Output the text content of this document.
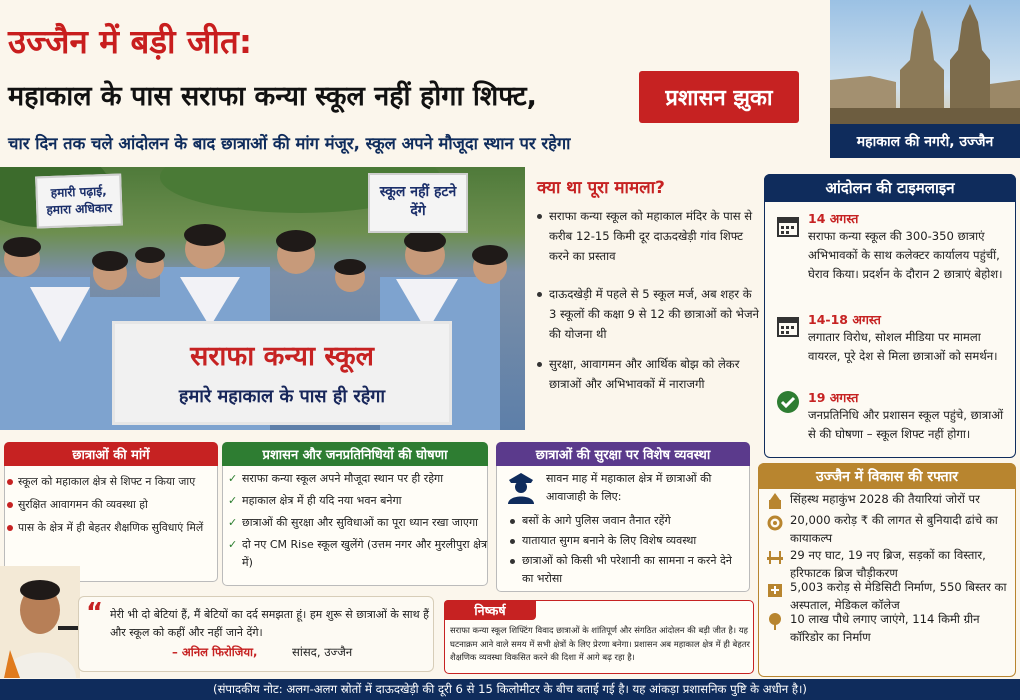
उज्जैन में बड़ी जीत:
महाकाल के पास सराफा कन्या स्कूल नहीं होगा शिफ्ट,	प्रशासन झुका
चार दिन तक चले आंदोलन के बाद छात्राओं की मांग मंजूर, स्कूल अपने मौजूदा स्थान पर रहेगा	महाकाल की नगरी, उज्जैन
हमारी पढ़ाई, हमारा अधिकार
स्कूल नहीं हटने देंगे
सराफा कन्या स्कूल
हमारे महाकाल के पास ही रहेगा
क्या था पूरा मामला?
सराफा कन्या स्कूल को महाकाल मंदिर के पास से करीब 12-15 किमी दूर दाऊदखेड़ी गांव शिफ्ट करने का प्रस्ताव
दाऊदखेड़ी में पहले से 5 स्कूल मर्ज, अब शहर के 3 स्कूलों की कक्षा 9 से 12 की छात्राओं को भेजने की योजना थी
सुरक्षा, आवागमन और आर्थिक बोझ को लेकर छात्राओं और अभिभावकों में नाराजगी
आंदोलन की टाइमलाइन
14 अगस्त
सराफा कन्या स्कूल की 300-350 छात्राएं अभिभावकों के साथ कलेक्टर कार्यालय पहुंचीं, घेराव किया। प्रदर्शन के दौरान 2 छात्राएं बेहोश।
14-18 अगस्त
लगातार विरोध, सोशल मीडिया पर मामला वायरल, पूरे देश से मिला छात्राओं को समर्थन।
19 अगस्त
जनप्रतिनिधि और प्रशासन स्कूल पहुंचे, छात्राओं से की घोषणा – स्कूल शिफ्ट नहीं होगा।
छात्राओं की मांगें
स्कूल को महाकाल क्षेत्र से शिफ्ट न किया जाए
सुरक्षित आवागमन की व्यवस्था हो
पास के क्षेत्र में ही बेहतर शैक्षणिक सुविधाएं मिलें
प्रशासन और जनप्रतिनिधियों की घोषणा
✓ सराफा कन्या स्कूल अपने मौजूदा स्थान पर ही रहेगा
✓ महाकाल क्षेत्र में ही यदि नया भवन बनेगा
✓ छात्राओं की सुरक्षा और सुविधाओं का पूरा ध्यान रखा जाएगा
✓ दो नए CM Rise स्कूल खुलेंगे (उत्तम नगर और मुरलीपुरा क्षेत्र में)
छात्राओं की सुरक्षा पर विशेष व्यवस्था
सावन माह में महाकाल क्षेत्र में छात्राओं की आवाजाही के लिए:
बसों के आगे पुलिस जवान तैनात रहेंगे
यातायात सुगम बनाने के लिए विशेष व्यवस्था
छात्राओं को किसी भी परेशानी का सामना न करने देने का भरोसा
उज्जैन में विकास की रफ्तार
सिंहस्थ महाकुंभ 2028 की तैयारियां जोरों पर
20,000 करोड़ ₹ की लागत से बुनियादी ढांचे का कायाकल्प
29 नए घाट, 19 नए ब्रिज, सड़कों का विस्तार, हरिफाटक ब्रिज चौड़ीकरण
5,003 करोड़ से मेडिसिटी निर्माण, 550 बिस्तर का अस्पताल, मेडिकल कॉलेज
10 लाख पौधे लगाए जाएंगे, 114 किमी ग्रीन कॉरिडोर का निर्माण
“ मेरी भी दो बेटियां हैं, मैं बेटियों का दर्द समझता हूं। हम शुरू से छात्राओं के साथ हैं और स्कूल को कहीं और नहीं जाने देंगे।
– अनिल फिरोजिया,	सांसद, उज्जैन
निष्कर्ष
सराफा कन्या स्कूल शिफ्टिंग विवाद छात्राओं के शांतिपूर्ण और संगठित आंदोलन की बड़ी जीत है। यह घटनाक्रम आने वाले समय में सभी क्षेत्रों के लिए प्रेरणा बनेगा। प्रशासन अब महाकाल क्षेत्र में ही बेहतर शैक्षणिक व्यवस्था विकसित करने की दिशा में आगे बढ़ रहा है।
(संपादकीय नोट: अलग-अलग स्रोतों में दाऊदखेड़ी की दूरी 6 से 15 किलोमीटर के बीच बताई गई है। यह आंकड़ा प्रशासनिक पुष्टि के अधीन है।)
